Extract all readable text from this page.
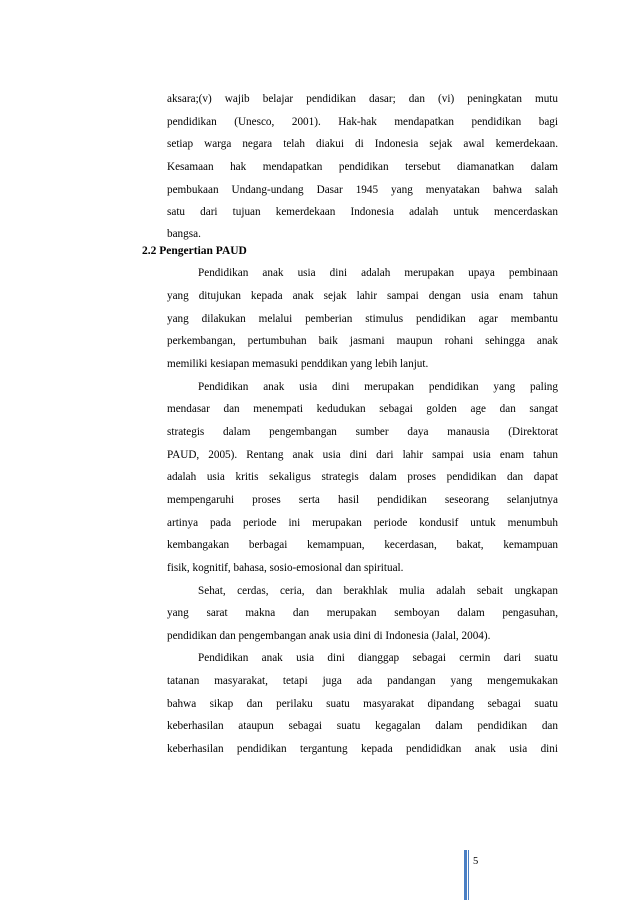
aksara;(v) wajib belajar pendidikan dasar; dan (vi) peningkatan mutu
pendidikan (Unesco, 2001). Hak-hak mendapatkan pendidikan bagi
setiap warga negara telah diakui di Indonesia sejak awal kemerdekaan.
Kesamaan hak mendapatkan pendidikan tersebut diamanatkan dalam
pembukaan Undang-undang Dasar 1945 yang menyatakan bahwa salah
satu dari tujuan kemerdekaan Indonesia adalah untuk mencerdaskan
bangsa.
2.2 Pengertian PAUD
Pendidikan anak usia dini adalah merupakan upaya pembinaan
yang ditujukan kepada anak sejak lahir sampai dengan usia enam tahun
yang dilakukan melalui pemberian stimulus pendidikan agar membantu
perkembangan, pertumbuhan baik jasmani maupun rohani sehingga anak
memiliki kesiapan memasuki penddikan yang lebih lanjut.
Pendidikan anak usia dini merupakan pendidikan yang paling
mendasar dan menempati kedudukan sebagai golden age dan sangat
strategis dalam pengembangan sumber daya manausia (Direktorat
PAUD, 2005). Rentang anak usia dini dari lahir sampai usia enam tahun
adalah usia kritis sekaligus strategis dalam proses pendidikan dan dapat
mempengaruhi proses serta hasil pendidikan seseorang selanjutnya
artinya pada periode ini merupakan periode kondusif untuk menumbuh
kembangakan berbagai kemampuan, kecerdasan, bakat, kemampuan
fisik, kognitif, bahasa, sosio-emosional dan spiritual.
Sehat, cerdas, ceria, dan berakhlak mulia adalah sebait ungkapan
yang sarat makna dan merupakan semboyan dalam pengasuhan,
pendidikan dan pengembangan anak usia dini di Indonesia (Jalal, 2004).
Pendidikan anak usia dini dianggap sebagai cermin dari suatu
tatanan masyarakat, tetapi juga ada pandangan yang mengemukakan
bahwa sikap dan perilaku suatu masyarakat dipandang sebagai suatu
keberhasilan ataupun sebagai suatu kegagalan dalam pendidikan dan
keberhasilan pendidikan tergantung kepada pendididkan anak usia dini
5
